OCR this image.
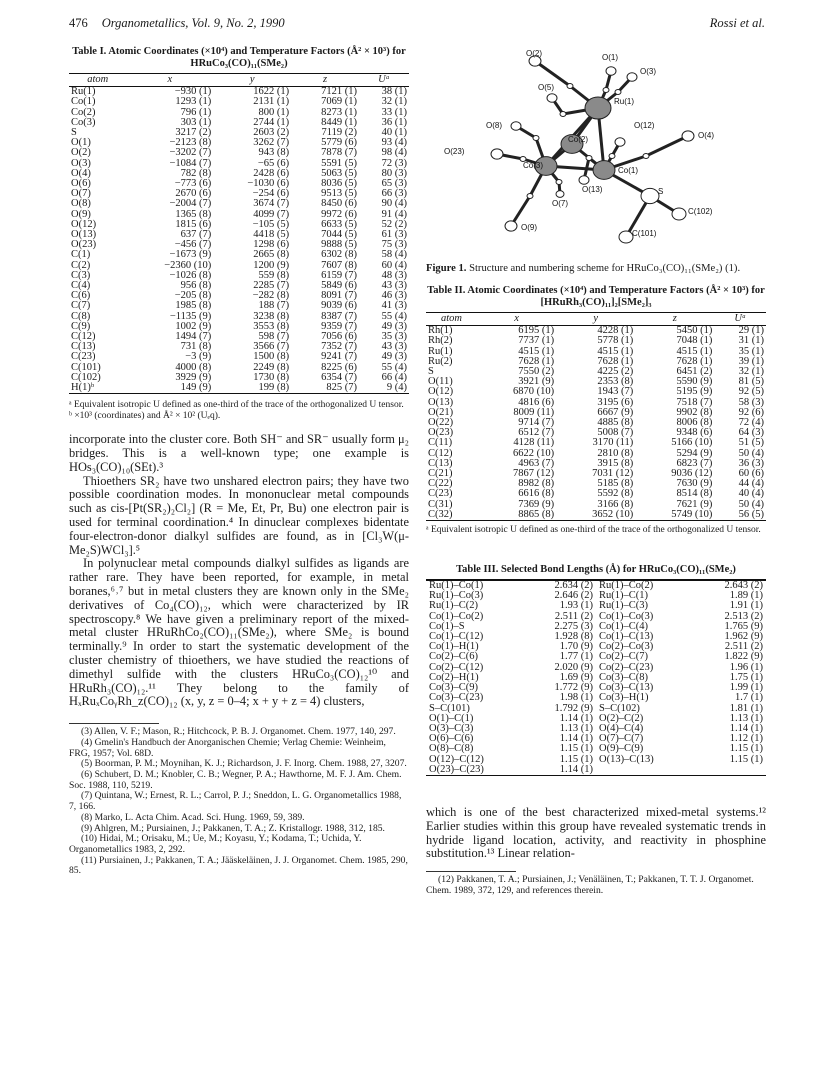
476 Organometallics, Vol. 9, No. 2, 1990	Rossi et al.
Table I. Atomic Coordinates (×10⁴) and Temperature Factors (Å² × 10³) for HRuCo₃(CO)₁₁(SMe₂)
atom	x	y	z	Uᵃ
Ru(1)	−930 (1)	1622 (1)	7121 (1)	38 (1)
Co(1)	1293 (1)	2131 (1)	7069 (1)	32 (1)
Co(2)	796 (1)	800 (1)	8273 (1)	33 (1)
Co(3)	303 (1)	2744 (1)	8449 (1)	36 (1)
S	3217 (2)	2603 (2)	7119 (2)	40 (1)
O(1)	−2123 (8)	3262 (7)	5779 (6)	93 (4)
O(2)	−3202 (7)	943 (8)	7878 (7)	98 (4)
O(3)	−1084 (7)	−65 (6)	5591 (5)	72 (3)
O(4)	782 (8)	2428 (6)	5063 (5)	80 (3)
O(6)	−773 (6)	−1030 (6)	8036 (5)	65 (3)
O(7)	2670 (6)	−254 (6)	9513 (5)	66 (3)
O(8)	−2004 (7)	3674 (7)	8450 (6)	90 (4)
O(9)	1365 (8)	4099 (7)	9972 (6)	91 (4)
O(12)	1815 (6)	−105 (5)	6633 (5)	52 (2)
O(13)	637 (7)	4418 (5)	7044 (5)	61 (3)
O(23)	−456 (7)	1298 (6)	9888 (5)	75 (3)
C(1)	−1673 (9)	2665 (8)	6302 (8)	58 (4)
C(2)	−2360 (10)	1200 (9)	7607 (8)	60 (4)
C(3)	−1026 (8)	559 (8)	6159 (7)	48 (3)
C(4)	956 (8)	2285 (7)	5849 (6)	43 (3)
C(6)	−205 (8)	−282 (8)	8091 (7)	46 (3)
C(7)	1985 (8)	188 (7)	9039 (6)	41 (3)
C(8)	−1135 (9)	3238 (8)	8387 (7)	55 (4)
C(9)	1002 (9)	3553 (8)	9359 (7)	49 (3)
C(12)	1494 (7)	598 (7)	7056 (6)	35 (3)
C(13)	731 (8)	3566 (7)	7352 (7)	43 (3)
C(23)	−3 (9)	1500 (8)	9241 (7)	49 (3)
C(101)	4000 (8)	2249 (8)	8225 (6)	55 (4)
C(102)	3929 (9)	1730 (8)	6354 (7)	66 (4)
H(1)ᵇ	149 (9)	199 (8)	825 (7)	9 (4)
ᵃ Equivalent isotropic U defined as one-third of the trace of the orthogonalized U tensor. ᵇ ×10³ (coordinates) and Å² × 10² (Uₑq).

incorporate into the cluster core. Both SH⁻ and SR⁻ usually form μ₂ bridges. This is a well-known type; one example is HOs₃(CO)₁₀(SEt).³

Thioethers SR₂ have two unshared electron pairs; they have two possible coordination modes. In mononuclear metal compounds such as cis-[Pt(SR₂)₂Cl₂] (R = Me, Et, Pr, Bu) one electron pair is used for terminal coordination.⁴ In dinuclear complexes bidentate four-electron-donor dialkyl sulfides are found, as in [Cl₃W(μ-Me₂S)WCl₃].⁵

In polynuclear metal compounds dialkyl sulfides as ligands are rather rare. They have been reported, for example, in metal boranes,⁶˒⁷ but in metal clusters they are known only in the SMe₂ derivatives of Co₄(CO)₁₂, which were characterized by IR spectroscopy.⁸ We have given a preliminary report of the mixed-metal cluster HRuRhCo₂(CO)₁₁(SMe₂), where SMe₂ is bound terminally.⁹ In order to start the systematic development of the cluster chemistry of thioethers, we have studied the reactions of dimethyl sulfide with the clusters HRuCo₃(CO)₁₂¹⁰ and HRuRh₃(CO)₁₂.¹¹ They belong to the family of HₓRuₓCoᵧRh_z(CO)₁₂ (x, y, z = 0–4; x + y + z = 4) clusters,

(3) Allen, V. F.; Mason, R.; Hitchcock, P. B. J. Organomet. Chem. 1977, 140, 297.

(4) Gmelin's Handbuch der Anorganischen Chemie; Verlag Chemie: Weinheim, FRG, 1957; Vol. 68D.

(5) Boorman, P. M.; Moynihan, K. J.; Richardson, J. F. Inorg. Chem. 1988, 27, 3207.

(6) Schubert, D. M.; Knobler, C. B.; Wegner, P. A.; Hawthorne, M. F. J. Am. Chem. Soc. 1988, 110, 5219.

(7) Quintana, W.; Ernest, R. L.; Carrol, P. J.; Sneddon, L. G. Organometallics 1988, 7, 166.

(8) Marko, L. Acta Chim. Acad. Sci. Hung. 1969, 59, 389.

(9) Ahlgren, M.; Pursiainen, J.; Pakkanen, T. A.; Z. Kristallogr. 1988, 312, 185.

(10) Hidai, M.; Orisaku, M.; Ue, M.; Koyasu, Y.; Kodama, T.; Uchida, Y. Organometallics 1983, 2, 292.

(11) Pursiainen, J.; Pakkanen, T. A.; Jääskeläinen, J. J. Organomet. Chem. 1985, 290, 85.

O(2)	O(1)
O(3)
O(5)
Ru(1)
O(8)	O(12)
O(4)
O(23)
Co(2)
Co(3)
Co(1)
O(13)
O(7)
S
C(102)
O(9)
C(101)
Figure 1. Structure and numbering scheme for HRuCo₃(CO)₁₁(SMe₂) (1).
Table II. Atomic Coordinates (×10⁴) and Temperature Factors (Å² × 10³) for [HRuRh₃(CO)₁₁]₂[SMe₂]₃
atom	x	y	z	Uᵃ
Rh(1)	6195 (1)	4228 (1)	5450 (1)	29 (1)
Rh(2)	7737 (1)	5778 (1)	7048 (1)	31 (1)
Ru(1)	4515 (1)	4515 (1)	4515 (1)	35 (1)
Ru(2)	7628 (1)	7628 (1)	7628 (1)	39 (1)
S	7550 (2)	4225 (2)	6451 (2)	32 (1)
O(11)	3921 (9)	2353 (8)	5590 (9)	81 (5)
O(12)	6870 (10)	1943 (7)	5195 (9)	92 (5)
O(13)	4816 (6)	3195 (6)	7518 (7)	58 (3)
O(21)	8009 (11)	6667 (9)	9902 (8)	92 (6)
O(22)	9714 (7)	4885 (8)	8006 (8)	72 (4)
O(23)	6512 (7)	5008 (7)	9348 (6)	64 (3)
C(11)	4128 (11)	3170 (11)	5166 (10)	51 (5)
C(12)	6622 (10)	2810 (8)	5294 (9)	50 (4)
C(13)	4963 (7)	3915 (8)	6823 (7)	36 (3)
C(21)	7867 (12)	7031 (12)	9036 (12)	60 (6)
C(22)	8982 (8)	5185 (8)	7630 (9)	44 (4)
C(23)	6616 (8)	5592 (8)	8514 (8)	40 (4)
C(31)	7369 (9)	3166 (8)	7621 (9)	50 (4)
C(32)	8865 (8)	3652 (10)	5749 (10)	56 (5)
ᵃ Equivalent isotropic U defined as one-third of the trace of the orthogonalized U tensor.
Table III. Selected Bond Lengths (Å) for HRuCo₃(CO)₁₁(SMe₂)

Ru(1)–Co(1)	2.634 (2)	Ru(1)–Co(2)	2.643 (2)
Ru(1)–Co(3)	2.646 (2)	Ru(1)–C(1)	1.89 (1)
Ru(1)–C(2)	1.93 (1)	Ru(1)–C(3)	1.91 (1)
Co(1)–Co(2)	2.511 (2)	Co(1)–Co(3)	2.513 (2)
Co(1)–S	2.275 (3)	Co(1)–C(4)	1.765 (9)
Co(1)–C(12)	1.928 (8)	Co(1)–C(13)	1.962 (9)
Co(1)–H(1)	1.70 (9)	Co(2)–Co(3)	2.511 (2)
Co(2)–C(6)	1.77 (1)	Co(2)–C(7)	1.822 (9)
Co(2)–C(12)	2.020 (9)	Co(2)–C(23)	1.96 (1)
Co(2)–H(1)	1.69 (9)	Co(3)–C(8)	1.75 (1)
Co(3)–C(9)	1.772 (9)	Co(3)–C(13)	1.99 (1)
Co(3)–C(23)	1.98 (1)	Co(3)–H(1)	1.7 (1)
S–C(101)	1.792 (9)	S–C(102)	1.81 (1)
O(1)–C(1)	1.14 (1)	O(2)–C(2)	1.13 (1)
O(3)–C(3)	1.13 (1)	O(4)–C(4)	1.14 (1)
O(6)–C(6)	1.14 (1)	O(7)–C(7)	1.12 (1)
O(8)–C(8)	1.15 (1)	O(9)–C(9)	1.15 (1)
O(12)–C(12)	1.15 (1)	O(13)–C(13)	1.15 (1)
O(23)–C(23)	1.14 (1)		
which is one of the best characterized mixed-metal systems.¹² Earlier studies within this group have revealed systematic trends in hydride ligand location, activity, and reactivity in phosphine substitution.¹³ Linear relation-

(12) Pakkanen, T. A.; Pursiainen, J.; Venäläinen, T.; Pakkanen, T. T. J. Organomet. Chem. 1989, 372, 129, and references therein.
